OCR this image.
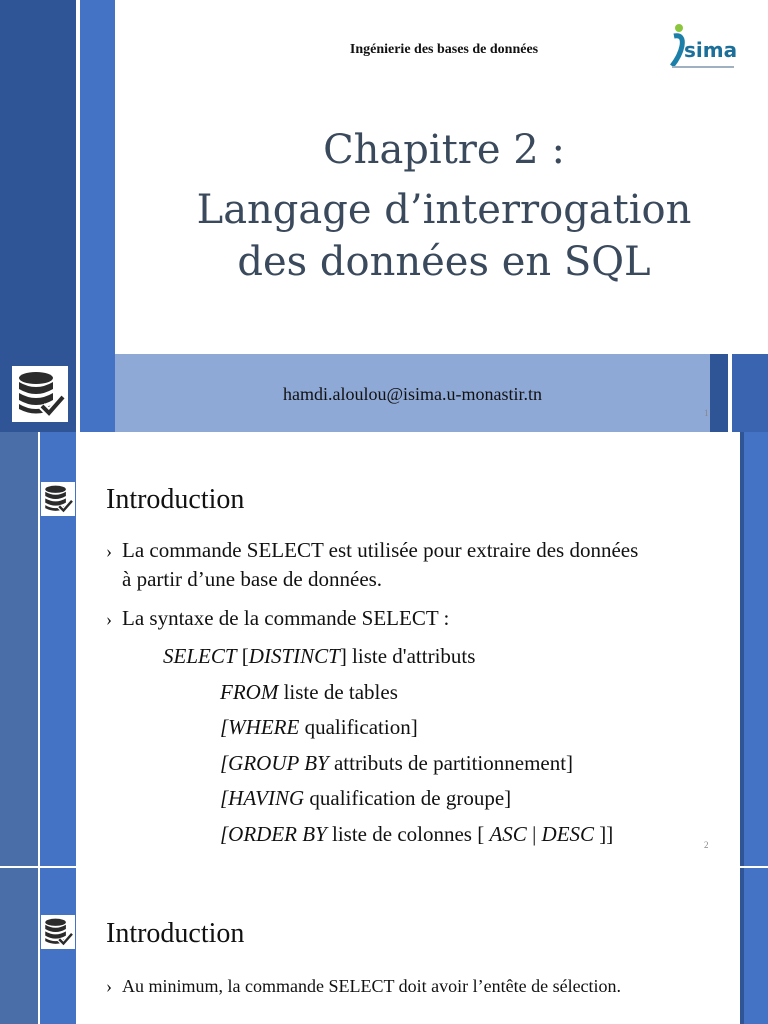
Ingénierie des bases de données	sima
Chapitre 2 :
Langage d’interrogation
des données en SQL
hamdi.aloulou@isima.u-monastir.tn
1
Introduction
› La commande SELECT est utilisée pour extraire des données
à partir d’une base de données.
› La syntaxe de la commande SELECT :
SELECT [DISTINCT] liste d'attributs
FROM liste de tables
[WHERE qualification]
[GROUP BY attributs de partitionnement]
[HAVING qualification de groupe]
[ORDER BY liste de colonnes [ ASC | DESC ]]	2
Introduction
› Au minimum, la commande SELECT doit avoir l’entête de sélection.
